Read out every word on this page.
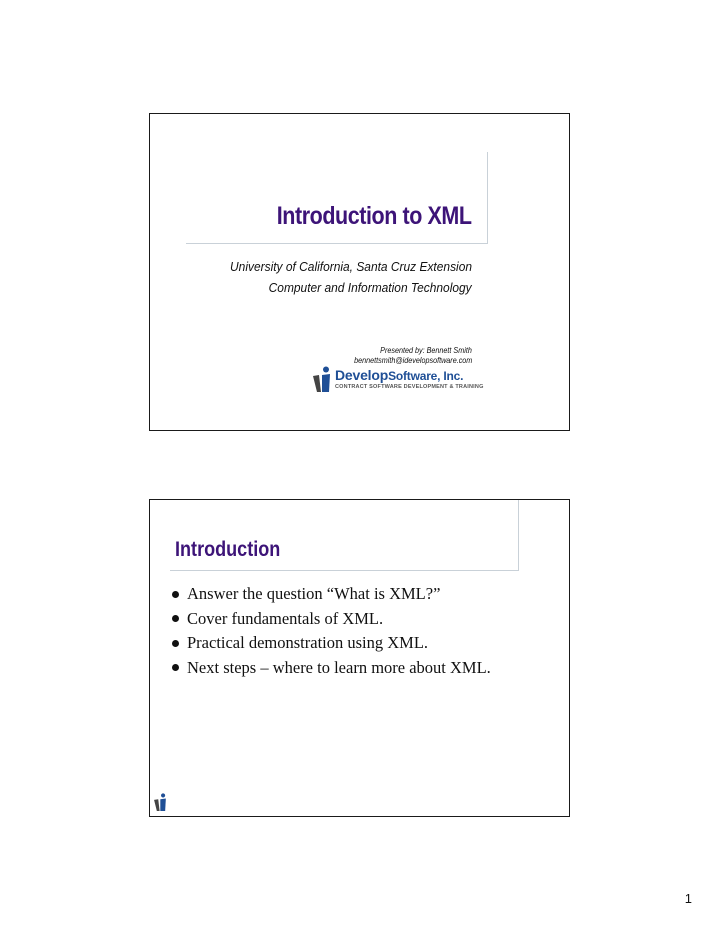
Introduction to XML
University of California, Santa Cruz Extension
Computer and Information Technology
Presented by: Bennett Smith
bennettsmith@idevelopsoftware.com
DevelopSoftware, Inc.
CONTRACT SOFTWARE DEVELOPMENT & TRAINING
Introduction
Answer the question “What is XML?”
Cover fundamentals of XML.
Practical demonstration using XML.
Next steps – where to learn more about XML.
1
